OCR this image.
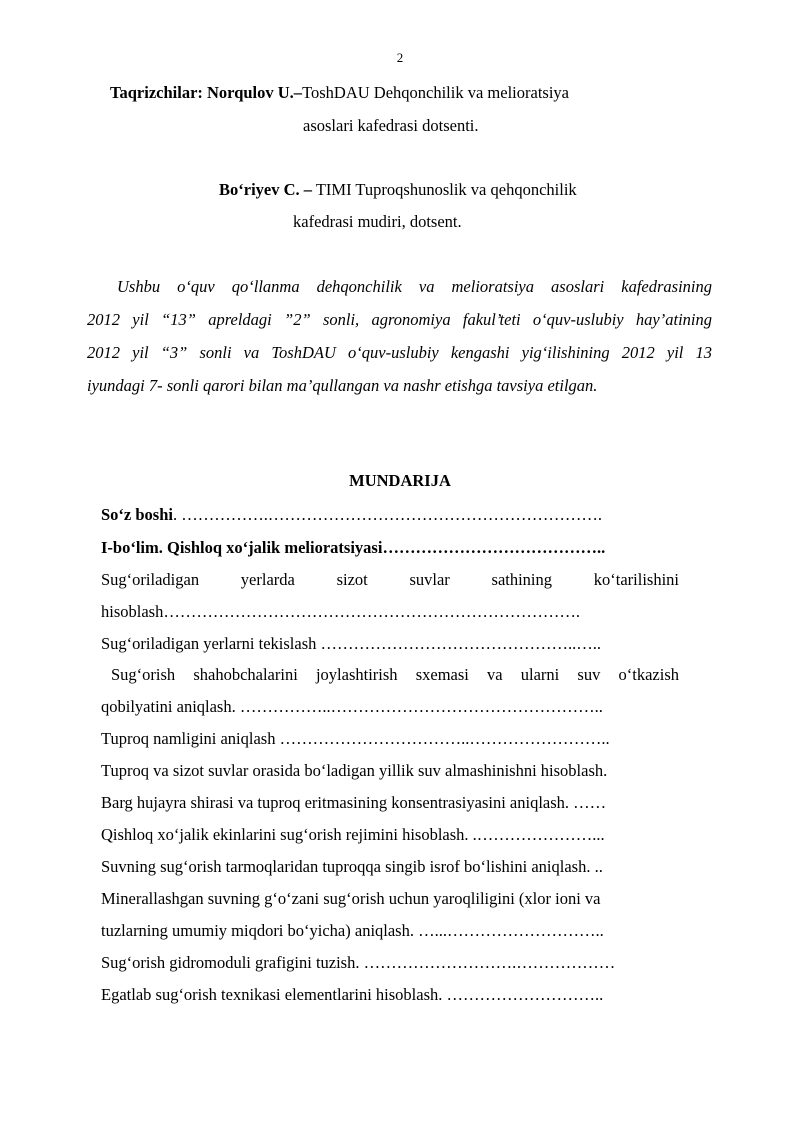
2
Taqrizchilar: Norqulov U.–ToshDAU Dehqonchilik va melioratsiya
asoslari kafedrasi dotsenti.
Bo‘riyev C. – TIMI Tuproqshunoslik va qehqonchilik
kafedrasi mudiri, dotsent.
Ushbu o‘quv qo‘llanma dehqonchilik va melioratsiya asoslari kafedrasining
2012 yil “13” apreldagi ”2” sonli, agronomiya fakul’teti o‘quv-uslubiy hay’atining
2012 yil “3” sonli va ToshDAU o‘quv-uslubiy kengashi yig‘ilishining 2012 yil 13
iyundagi 7- sonli qarori bilan ma’qullangan va nashr etishga tavsiya etilgan.
MUNDARIJA
So‘z boshi. …………….…………………………………………………….
I-bo‘lim. Qishloq xo‘jalik melioratsiyasi…………………………………..
Sug‘oriladigan yerlarda sizot suvlar sathining ko‘tarilishini
hisoblash………………………………………………………………….
Sug‘oriladigan yerlarni tekislash ………………………………………..…..
Sug‘orish shahobchalarini joylashtirish sxemasi va ularni suv o‘tkazish
qobilyatini aniqlash. ……………..…………………………………………..
Tuproq namligini aniqlash ……………………………..……………………..
Tuproq va sizot suvlar orasida bo‘ladigan yillik suv almashinishni hisoblash.
Barg hujayra shirasi va tuproq eritmasining konsentrasiyasini aniqlash. ……
Qishloq xo‘jalik ekinlarini sug‘orish rejimini hisoblash. .…………………...
Suvning sug‘orish tarmoqlaridan tuproqqa singib isrof bo‘lishini aniqlash. ..
Minerallashgan suvning g‘o‘zani sug‘orish uchun yaroqliligini (xlor ioni va
tuzlarning umumiy miqdori bo‘yicha) aniqlash. …...………………………..
Sug‘orish gidromoduli grafigini tuzish. ……………………….………………
Egatlab sug‘orish texnikasi elementlarini hisoblash. ………………………..
